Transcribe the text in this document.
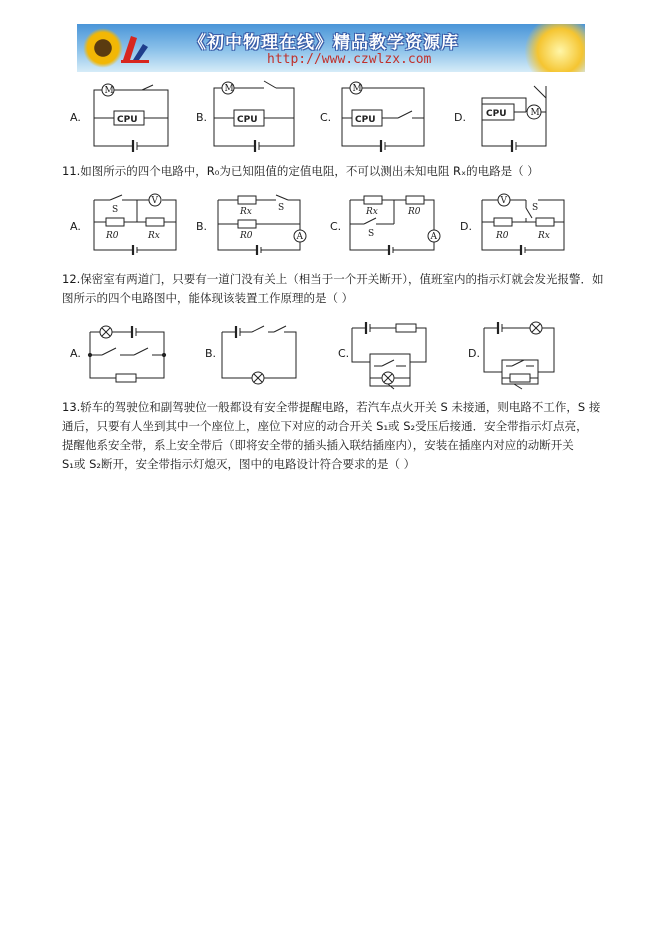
《初中物理在线》精品教学资源库
http://www.czwlzx.com
A.
M
CPU	B.
M
CPU	C.
M
CPU	D. CPU	M
11.如图所示的四个电路中，R₀为已知阻值的定值电阻，不可以测出未知电阻 Rₓ的电路是（ ）
A.
V
S
R0	Rx
B.
A
Rx	S
R0
C.
A
Rx	R0
S
D.
V
S
R0	Rx
12.保密室有两道门，只要有一道门没有关上（相当于一个开关断开），值班室内的指示灯就会发光报警．如
图所示的四个电路图中，能体现该装置工作原理的是（ ）
A.	B.	C.	D.
13.轿车的驾驶位和副驾驶位一般都设有安全带提醒电路，若汽车点火开关 S 未接通，则电路不工作，S 接
通后，只要有人坐到其中一个座位上，座位下对应的动合开关 S₁或 S₂受压后接通．安全带指示灯点亮，
提醒他系安全带，系上安全带后（即将安全带的插头插入联结插座内），安装在插座内对应的动断开关
S₁或 S₂断开，安全带指示灯熄灭，图中的电路设计符合要求的是（ ）
